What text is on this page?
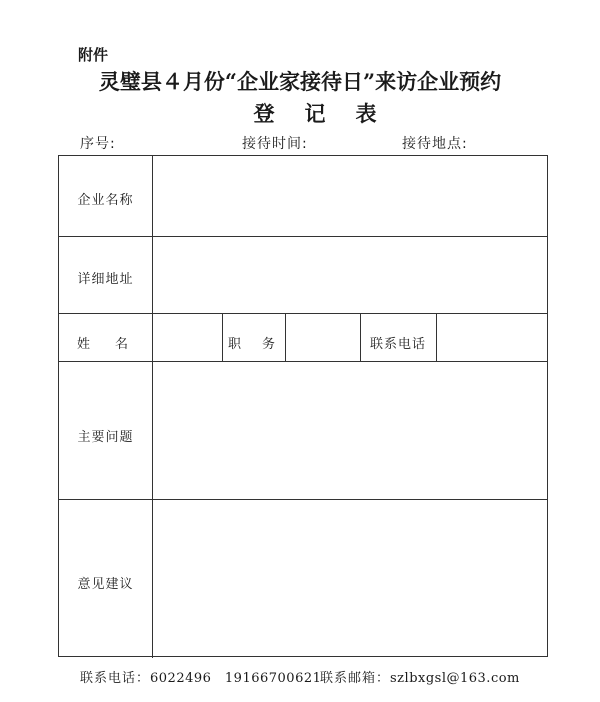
附件
灵璧县４月份“企业家接待日”来访企业预约
登记表
序号:	接待时间:	接待地点:
企业名称
详细地址
姓　名	职　务	联系电话
主要问题
意见建议
联系电话：6022496　19166700621
联系邮箱：szlbxgsl@163.com
